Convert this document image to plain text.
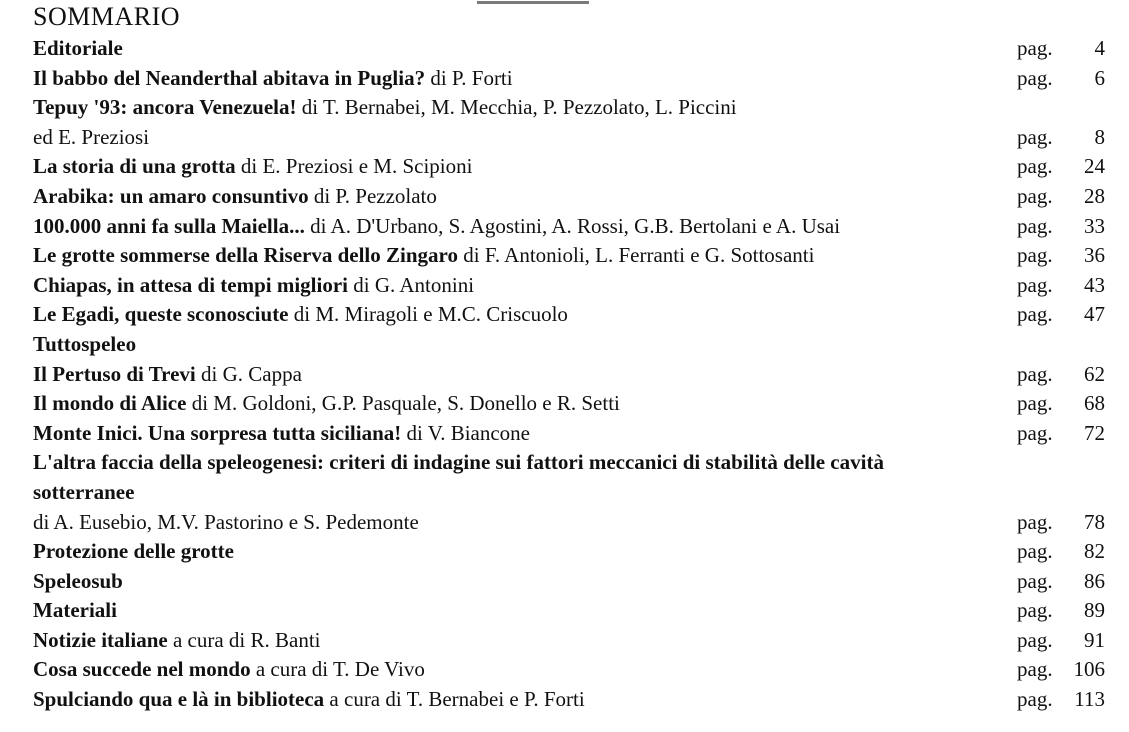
SOMMARIO
Editoriale	pag.	4
Il babbo del Neanderthal abitava in Puglia? di P. Forti	pag.	6
Tepuy '93: ancora Venezuela! di T. Bernabei, M. Mecchia, P. Pezzolato, L. Piccini
ed E. Preziosi	pag.	8
La storia di una grotta di E. Preziosi e M. Scipioni	pag.	24
Arabika: un amaro consuntivo di P. Pezzolato	pag.	28
100.000 anni fa sulla Maiella... di A. D'Urbano, S. Agostini, A. Rossi, G.B. Bertolani e A. Usai	pag.	33
Le grotte sommerse della Riserva dello Zingaro di F. Antonioli, L. Ferranti e G. Sottosanti	pag.	36
Chiapas, in attesa di tempi migliori di G. Antonini	pag.	43
Le Egadi, queste sconosciute di M. Miragoli e M.C. Criscuolo	pag.	47
Tuttospeleo
Il Pertuso di Trevi di G. Cappa	pag.	62
Il mondo di Alice di M. Goldoni, G.P. Pasquale, S. Donello e R. Setti	pag.	68
Monte Inici. Una sorpresa tutta siciliana! di V. Biancone	pag.	72
L'altra faccia della speleogenesi: criteri di indagine sui fattori meccanici di stabilità delle cavità
sotterranee
di A. Eusebio, M.V. Pastorino e S. Pedemonte	pag.	78
Protezione delle grotte	pag.	82
Speleosub	pag.	86
Materiali	pag.	89
Notizie italiane a cura di R. Banti	pag.	91
Cosa succede nel mondo a cura di T. De Vivo	pag. 106
Spulciando qua e là in biblioteca a cura di T. Bernabei e P. Forti	pag. 113
